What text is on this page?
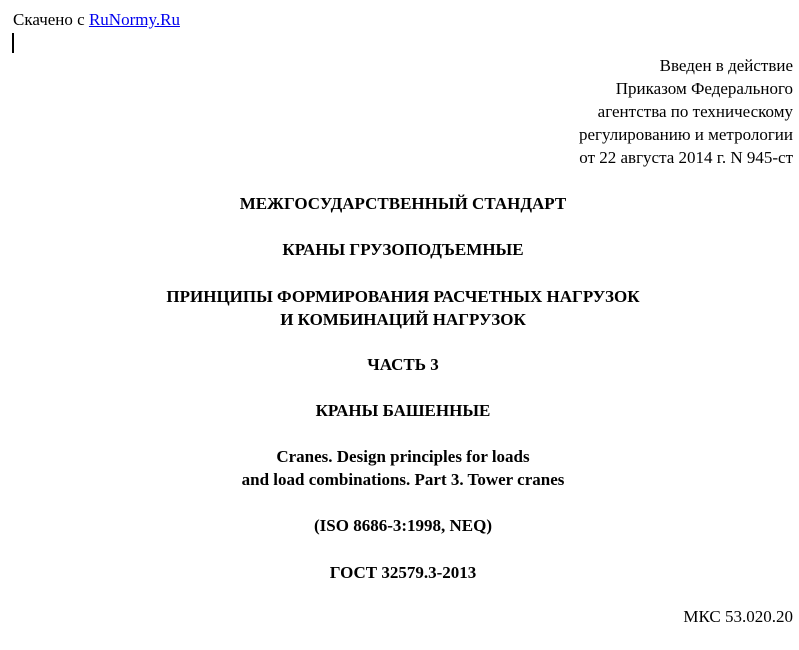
Скачено с RuNormy.Ru
Введен в действие
Приказом Федерального
агентства по техническому
регулированию и метрологии
от 22 августа 2014 г. N 945-ст
МЕЖГОСУДАРСТВЕННЫЙ СТАНДАРТ
КРАНЫ ГРУЗОПОДЪЕМНЫЕ
ПРИНЦИПЫ ФОРМИРОВАНИЯ РАСЧЕТНЫХ НАГРУЗОК
И КОМБИНАЦИЙ НАГРУЗОК
ЧАСТЬ 3
КРАНЫ БАШЕННЫЕ
Cranes. Design principles for loads
and load combinations. Part 3. Tower cranes
(ISO 8686-3:1998, NEQ)
ГОСТ 32579.3-2013
МКС 53.020.20
